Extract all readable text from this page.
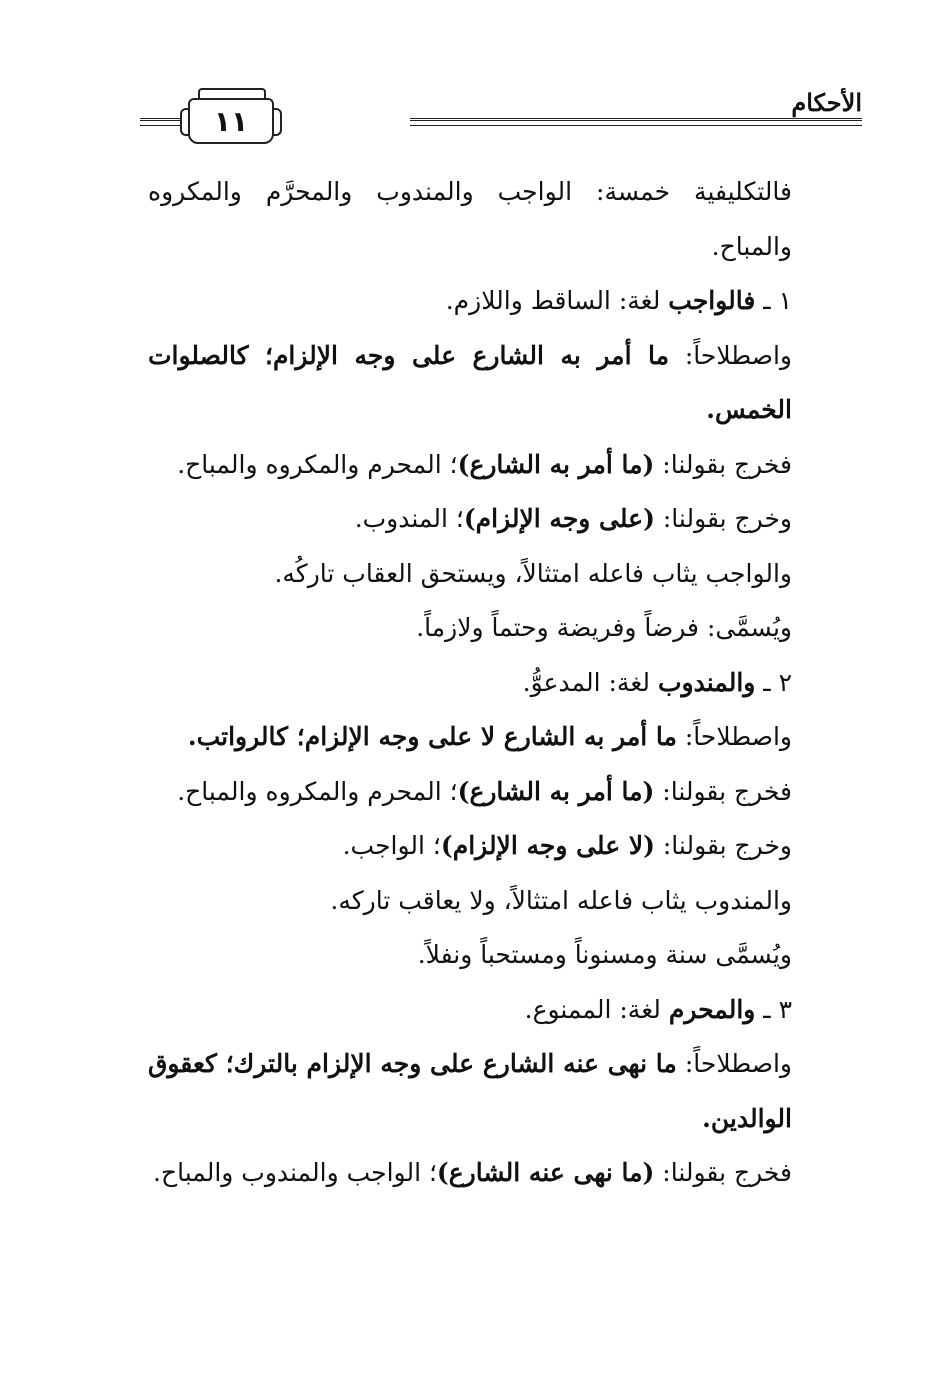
الأحكام
١١

فالتكليفية خمسة: الواجب والمندوب والمحرَّم والمكروه والمباح.

١ ـ فالواجب لغة: الساقط واللازم.

واصطلاحاً: ما أمر به الشارع على وجه الإلزام؛ كالصلوات الخمس.

فخرج بقولنا: (ما أمر به الشارع)؛ المحرم والمكروه والمباح.

وخرج بقولنا: (على وجه الإلزام)؛ المندوب.

والواجب يثاب فاعله امتثالاً، ويستحق العقاب تاركُه.

ويُسمَّى: فرضاً وفريضة وحتماً ولازماً.

٢ ـ والمندوب لغة: المدعوُّ.

واصطلاحاً: ما أمر به الشارع لا على وجه الإلزام؛ كالرواتب.

فخرج بقولنا: (ما أمر به الشارع)؛ المحرم والمكروه والمباح.

وخرج بقولنا: (لا على وجه الإلزام)؛ الواجب.

والمندوب يثاب فاعله امتثالاً، ولا يعاقب تاركه.

ويُسمَّى سنة ومسنوناً ومستحباً ونفلاً.

٣ ـ والمحرم لغة: الممنوع.

واصطلاحاً: ما نهى عنه الشارع على وجه الإلزام بالترك؛ كعقوق الوالدين.

فخرج بقولنا: (ما نهى عنه الشارع)؛ الواجب والمندوب والمباح.
